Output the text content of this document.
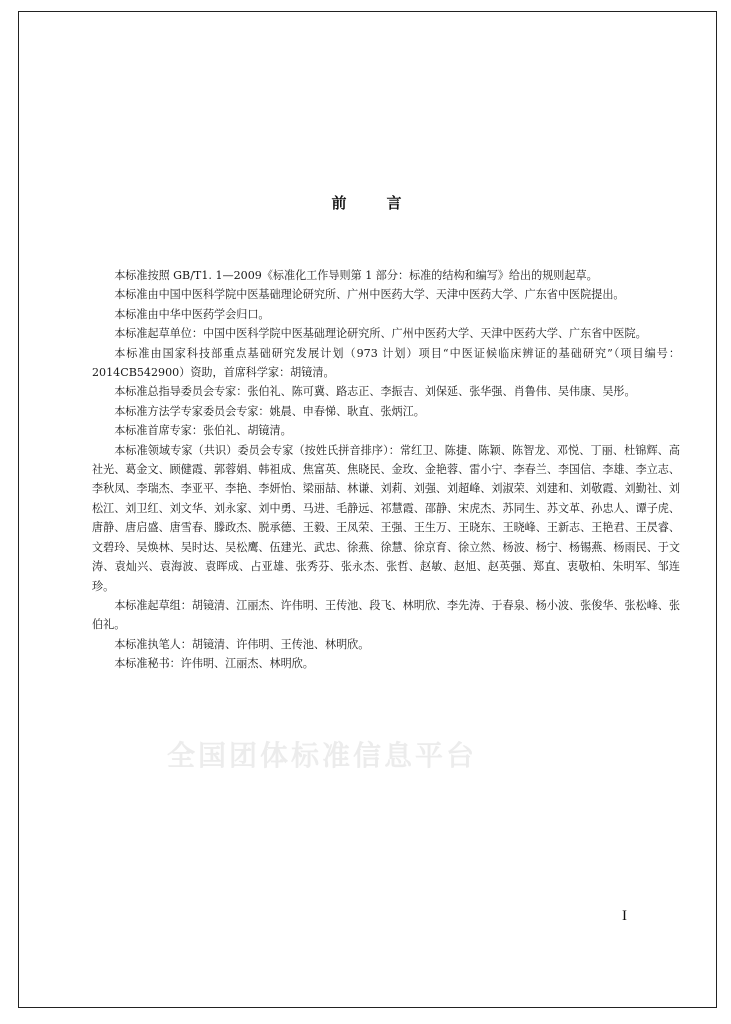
前	言
全国团体标准信息平台

本标准按照 GB/T1. 1—2009《标准化工作导则第 1 部分：标准的结构和编写》给出的规则起草。

本标准由中国中医科学院中医基础理论研究所、广州中医药大学、天津中医药大学、广东省中医院提出。

本标准由中华中医药学会归口。

本标准起草单位：中国中医科学院中医基础理论研究所、广州中医药大学、天津中医药大学、广东省中医院。

本标准由国家科技部重点基础研究发展计划（973 计划）项目“中医证候临床辨证的基础研究”（项目编号：2014CB542900）资助，首席科学家：胡镜清。

本标准总指导委员会专家：张伯礼、陈可冀、路志正、李振吉、刘保延、张华强、肖鲁伟、吴伟康、吴彤。

本标准方法学专家委员会专家：姚晨、申春悌、耿直、张炳江。

本标准首席专家：张伯礼、胡镜清。

本标准领域专家（共识）委员会专家（按姓氏拼音排序）：常红卫、陈捷、陈颖、陈智龙、邓悦、丁丽、杜锦辉、高社光、葛金文、顾健霞、郭蓉娟、韩祖成、焦富英、焦晓民、金玫、金艳蓉、雷小宁、李春兰、李国信、李雄、李立志、李秋凤、李瑞杰、李亚平、李艳、李妍怡、梁丽喆、林谦、刘莉、刘强、刘超峰、刘淑荣、刘建和、刘敬霞、刘勤社、刘松江、刘卫红、刘文华、刘永家、刘中勇、马进、毛静远、祁慧霞、邵静、宋虎杰、苏同生、苏文革、孙忠人、谭子虎、唐静、唐启盛、唐雪春、滕政杰、脱承德、王毅、王凤荣、王强、王生万、王晓东、王晓峰、王新志、王艳君、王昃睿、文碧玲、吴焕林、吴时达、吴松鹰、伍建光、武忠、徐燕、徐慧、徐京育、徐立然、杨波、杨宁、杨锡燕、杨雨民、于文涛、袁灿兴、袁海波、袁晖成、占亚雄、张秀芬、张永杰、张哲、赵敏、赵旭、赵英强、郑直、衷敬柏、朱明军、邹连珍。

本标准起草组：胡镜清、江丽杰、许伟明、王传池、段飞、林明欣、李先涛、于春泉、杨小波、张俊华、张松峰、张伯礼。

本标准执笔人：胡镜清、许伟明、王传池、林明欣。

本标准秘书：许伟明、江丽杰、林明欣。

I
